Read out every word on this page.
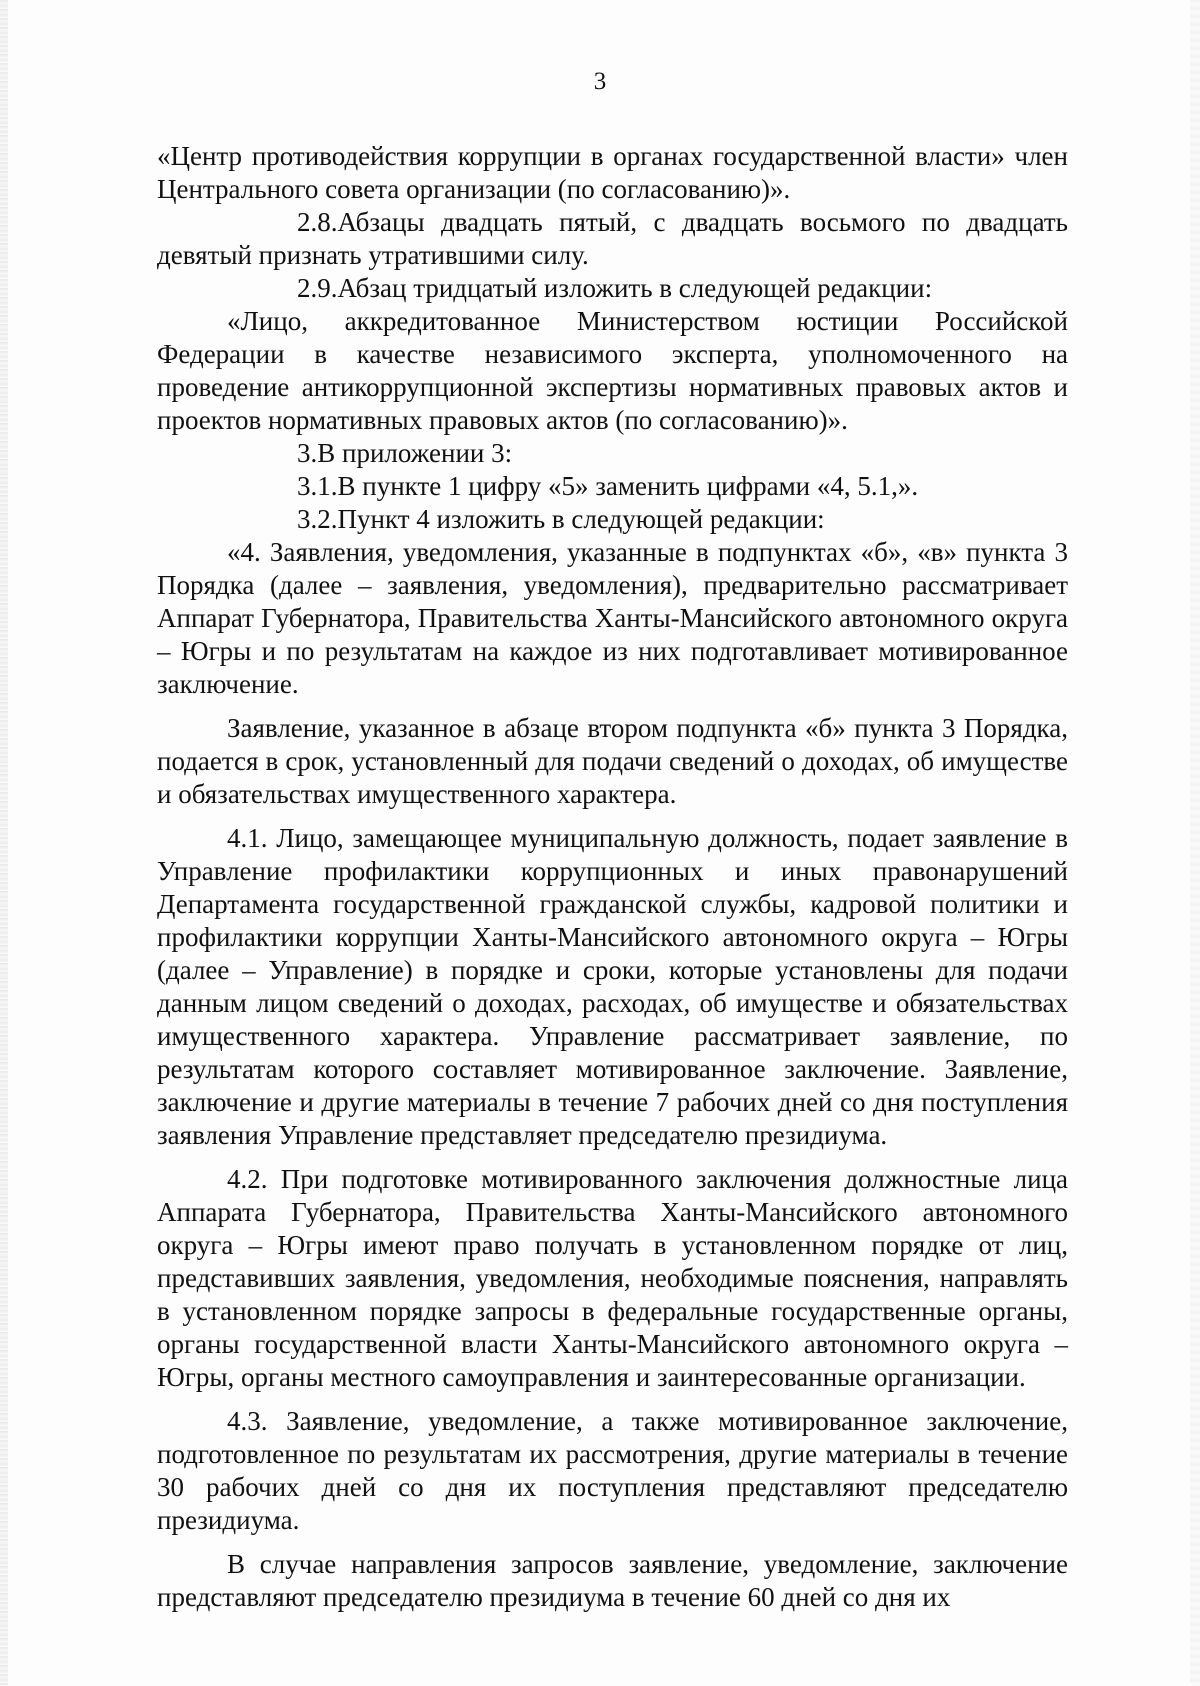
3

«Центр противодействия коррупции в органах государственной власти» член Центрального совета организации (по согласованию)».

2.8.Абзацы двадцать пятый, с двадцать восьмого по двадцать девятый признать утратившими силу.

2.9.Абзац тридцатый изложить в следующей редакции:

«Лицо, аккредитованное Министерством юстиции Российской Федерации в качестве независимого эксперта, уполномоченного на проведение антикоррупционной экспертизы нормативных правовых актов и проектов нормативных правовых актов (по согласованию)».

3.В приложении 3:

3.1.В пункте 1 цифру «5» заменить цифрами «4, 5.1,».

3.2.Пункт 4 изложить в следующей редакции:

«4. Заявления, уведомления, указанные в подпунктах «б», «в» пункта 3 Порядка (далее – заявления, уведомления), предварительно рассматривает Аппарат Губернатора, Правительства Ханты-Мансийского автономного округа – Югры и по результатам на каждое из них подготавливает мотивированное заключение.

Заявление, указанное в абзаце втором подпункта «б» пункта 3 Порядка, подается в срок, установленный для подачи сведений о доходах, об имуществе и обязательствах имущественного характера.

4.1. Лицо, замещающее муниципальную должность, подает заявление в Управление профилактики коррупционных и иных правонарушений Департамента государственной гражданской службы, кадровой политики и профилактики коррупции Ханты-Мансийского автономного округа – Югры (далее – Управление) в порядке и сроки, которые установлены для подачи данным лицом сведений о доходах, расходах, об имуществе и обязательствах имущественного характера. Управление рассматривает заявление, по результатам которого составляет мотивированное заключение. Заявление, заключение и другие материалы в течение 7 рабочих дней со дня поступления заявления Управление представляет председателю президиума.

4.2. При подготовке мотивированного заключения должностные лица Аппарата Губернатора, Правительства Ханты-Мансийского автономного округа – Югры имеют право получать в установленном порядке от лиц, представивших заявления, уведомления, необходимые пояснения, направлять в установленном порядке запросы в федеральные государственные органы, органы государственной власти Ханты-Мансийского автономного округа – Югры, органы местного самоуправления и заинтересованные организации.

4.3. Заявление, уведомление, а также мотивированное заключение, подготовленное по результатам их рассмотрения, другие материалы в течение 30 рабочих дней со дня их поступления представляют председателю президиума.

В случае направления запросов заявление, уведомление, заключение представляют председателю президиума в течение 60 дней со дня их
